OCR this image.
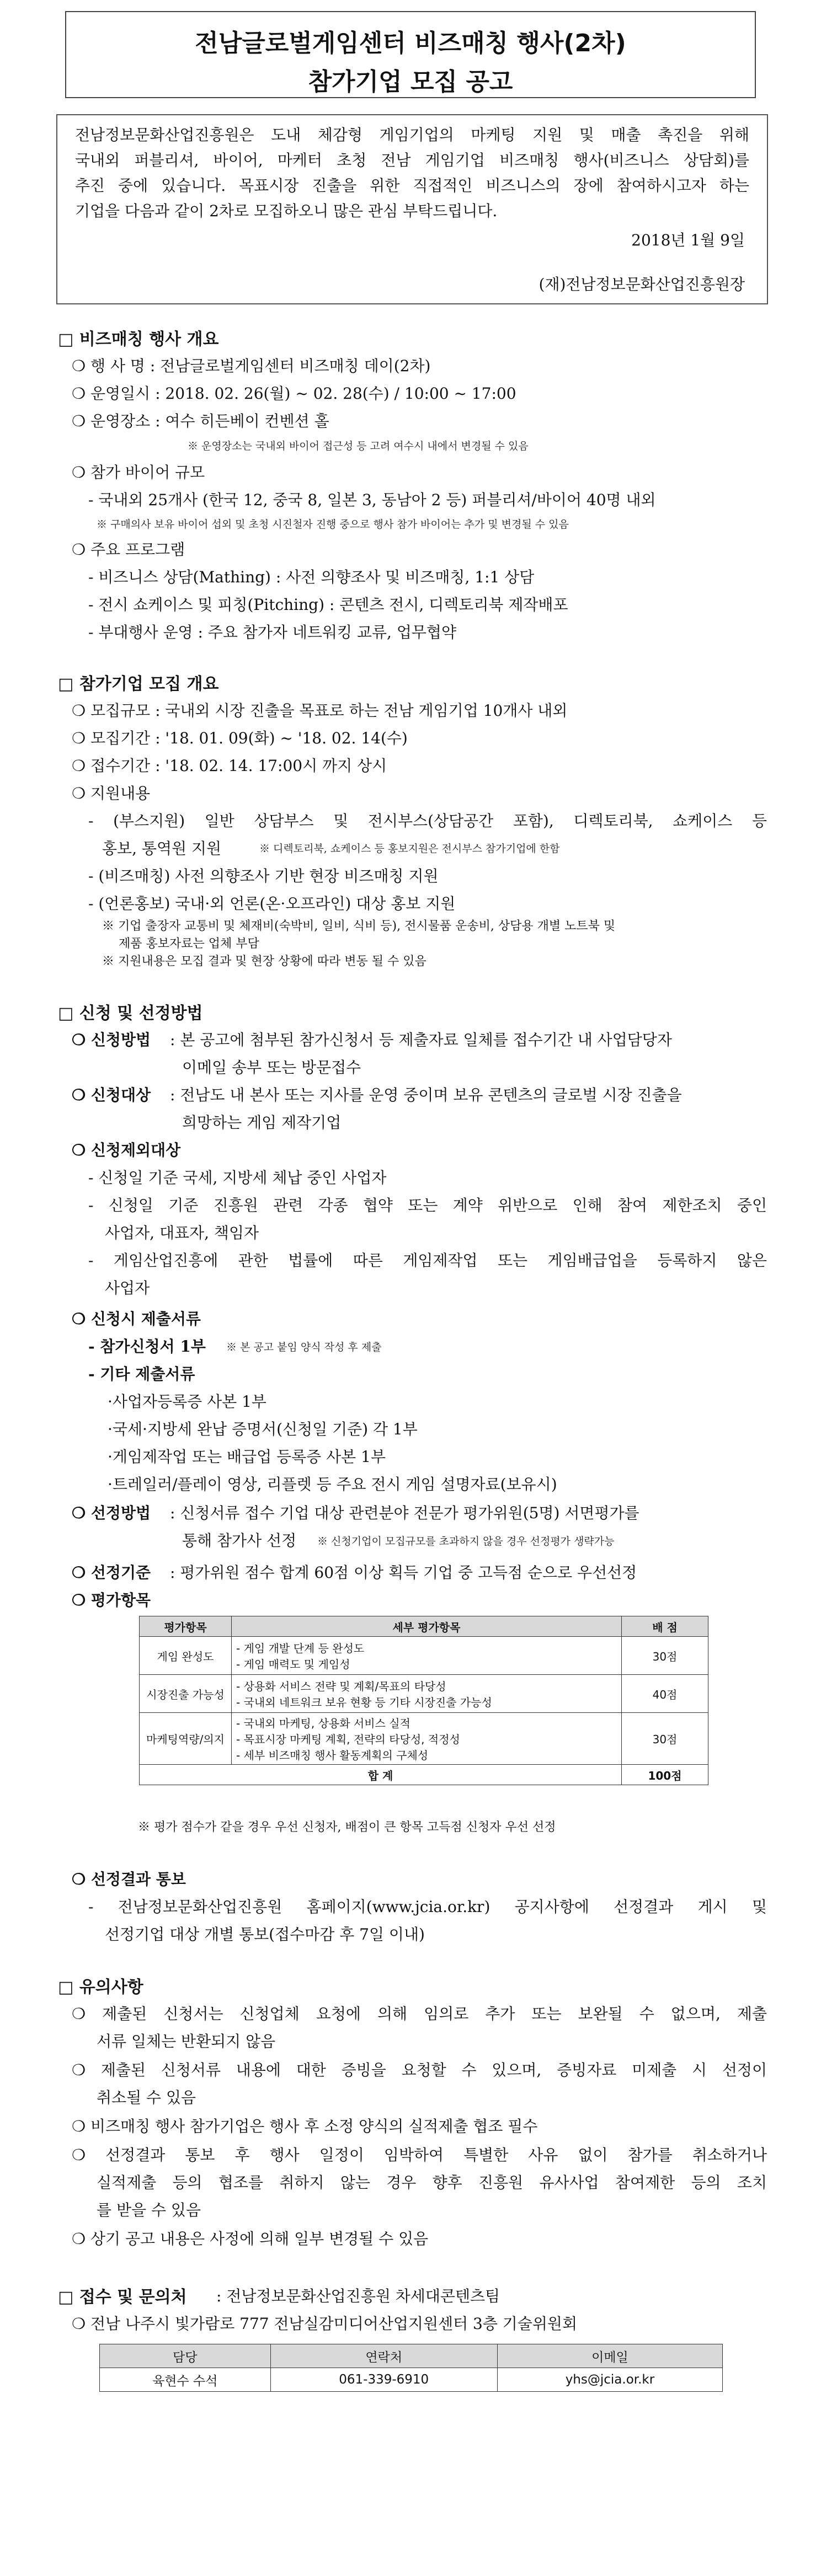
전남글로벌게임센터 비즈매칭 행사(2차)
참가기업 모집 공고
전남정보문화산업진흥원은 도내 체감형 게임기업의 마케팅 지원 및 매출 촉진을 위해
국내외 퍼블리셔, 바이어, 마케터 초청 전남 게임기업 비즈매칭 행사(비즈니스 상담회)를
추진 중에 있습니다. 목표시장 진출을 위한 직접적인 비즈니스의 장에 참여하시고자 하는
기업을 다음과 같이 2차로 모집하오니 많은 관심 부탁드립니다.
2018년 1월 9일
(재)전남정보문화산업진흥원장
□ 비즈매칭 행사 개요
❍ 행 사 명 : 전남글로벌게임센터 비즈매칭 데이(2차)
❍ 운영일시 : 2018. 02. 26(월) ~ 02. 28(수) / 10:00 ~ 17:00
❍ 운영장소 : 여수 히든베이 컨벤션 홀
※ 운영장소는 국내외 바이어 접근성 등 고려 여수시 내에서 변경될 수 있음
❍ 참가 바이어 규모
- 국내외 25개사 (한국 12, 중국 8, 일본 3, 동남아 2 등) 퍼블리셔/바이어 40명 내외
※ 구매의사 보유 바이어 섭외 및 초청 시진철자 진행 중으로 행사 참가 바이어는 추가 및 변경될 수 있음
❍ 주요 프로그램
- 비즈니스 상담(Mathing) : 사전 의향조사 및 비즈매칭, 1:1 상담
- 전시 쇼케이스 및 피칭(Pitching) : 콘텐츠 전시, 디렉토리북 제작배포
- 부대행사 운영 : 주요 참가자 네트워킹 교류, 업무협약
□ 참가기업 모집 개요
❍ 모집규모 : 국내외 시장 진출을 목표로 하는 전남 게임기업 10개사 내외
❍ 모집기간 : '18. 01. 09(화) ~ '18. 02. 14(수)
❍ 접수기간 : '18. 02. 14. 17:00시 까지 상시
❍ 지원내용
- (부스지원) 일반 상담부스 및 전시부스(상담공간 포함), 디렉토리북, 쇼케이스 등
홍보, 통역원 지원	※ 디렉토리북, 쇼케이스 등 홍보지원은 전시부스 참가기업에 한함
- (비즈매칭) 사전 의향조사 기반 현장 비즈매칭 지원
- (언론홍보) 국내·외 언론(온·오프라인) 대상 홍보 지원
※ 기업 출장자 교통비 및 체재비(숙박비, 일비, 식비 등), 전시물품 운송비, 상담용 개별 노트북 및
제품 홍보자료는 업체 부담
※ 지원내용은 모집 결과 및 현장 상황에 따라 변동 될 수 있음
□ 신청 및 선정방법
❍ 신청방법 : 본 공고에 첨부된 참가신청서 등 제출자료 일체를 접수기간 내 사업담당자
이메일 송부 또는 방문접수
❍ 신청대상 : 전남도 내 본사 또는 지사를 운영 중이며 보유 콘텐츠의 글로벌 시장 진출을
희망하는 게임 제작기업
❍ 신청제외대상
- 신청일 기준 국세, 지방세 체납 중인 사업자
- 신청일 기준 진흥원 관련 각종 협약 또는 계약 위반으로 인해 참여 제한조치 중인
사업자, 대표자, 책임자
- 게임산업진흥에 관한 법률에 따른 게임제작업 또는 게임배급업을 등록하지 않은
사업자
❍ 신청시 제출서류
- 참가신청서 1부 ※ 본 공고 붙임 양식 작성 후 제출
- 기타 제출서류
·사업자등록증 사본 1부
·국세·지방세 완납 증명서(신청일 기준) 각 1부
·게임제작업 또는 배급업 등록증 사본 1부
·트레일러/플레이 영상, 리플렛 등 주요 전시 게임 설명자료(보유시)
❍ 선정방법 : 신청서류 접수 기업 대상 관련분야 전문가 평가위원(5명) 서면평가를
통해 참가사 선정 ※ 신청기업이 모집규모를 초과하지 않을 경우 선정평가 생략가능
❍ 선정기준 : 평가위원 점수 합계 60점 이상 획득 기업 중 고득점 순으로 우선선정
❍ 평가항목
평가항목	세부 평가항목	배 점
게임 완성도	- 게임 개발 단계 등 완성도
- 게임 매력도 및 게임성	30점
시장진출 가능성	- 상용화 서비스 전략 및 계획/목표의 타당성
- 국내외 네트워크 보유 현황 등 기타 시장진출 가능성	40점
마케팅역량/의지	- 국내외 마케팅, 상용화 서비스 실적
- 목표시장 마케팅 계획, 전략의 타당성, 적정성
- 세부 비즈매칭 행사 활동계획의 구체성	30점
합 계		100점
※ 평가 점수가 같을 경우 우선 신청자, 배점이 큰 항목 고득점 신청자 우선 선정
❍ 선정결과 통보
- 전남정보문화산업진흥원 홈페이지(www.jcia.or.kr) 공지사항에 선정결과 게시 및
선정기업 대상 개별 통보(접수마감 후 7일 이내)
□ 유의사항
❍ 제출된 신청서는 신청업체 요청에 의해 임의로 추가 또는 보완될 수 없으며, 제출
서류 일체는 반환되지 않음
❍ 제출된 신청서류 내용에 대한 증빙을 요청할 수 있으며, 증빙자료 미제출 시 선정이
취소될 수 있음
❍ 비즈매칭 행사 참가기업은 행사 후 소정 양식의 실적제출 협조 필수
❍ 선정결과 통보 후 행사 일정이 임박하여 특별한 사유 없이 참가를 취소하거나
실적제출 등의 협조를 취하지 않는 경우 향후 진흥원 유사사업 참여제한 등의 조치
를 받을 수 있음
❍ 상기 공고 내용은 사정에 의해 일부 변경될 수 있음
□ 접수 및 문의처 : 전남정보문화산업진흥원 차세대콘텐츠팀
❍ 전남 나주시 빛가람로 777 전남실감미디어산업지원센터 3층 기술위원회
담당	연락처	이메일
육현수 수석	061-339-6910	yhs@jcia.or.kr
